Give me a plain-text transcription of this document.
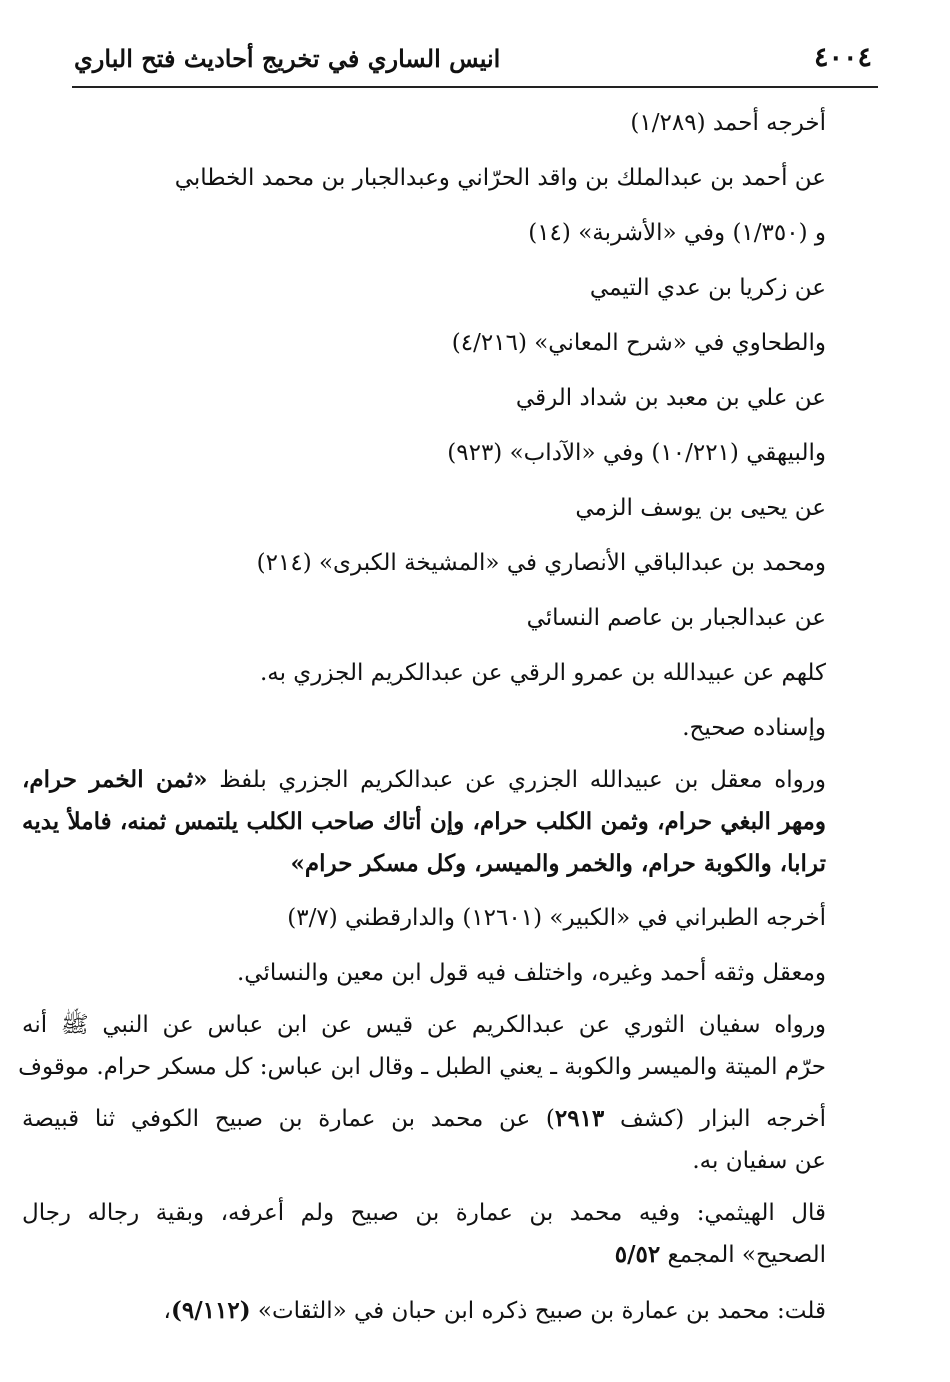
٤٠٠٤
انيس الساري في تخريج أحاديث فتح الباري
أخرجه أحمد (١/٢٨٩)
عن أحمد بن عبدالملك بن واقد الحرّاني وعبدالجبار بن محمد الخطابي
و (١/٣٥٠) وفي «الأشربة» (١٤)
عن زكريا بن عدي التيمي
والطحاوي في «شرح المعاني» (٤/٢١٦)
عن علي بن معبد بن شداد الرقي
والبيهقي (١٠/٢٢١) وفي «الآداب» (٩٢٣)
عن يحيى بن يوسف الزمي
ومحمد بن عبدالباقي الأنصاري في «المشيخة الكبرى» (٢١٤)
عن عبدالجبار بن عاصم النسائي
كلهم عن عبيدالله بن عمرو الرقي عن عبدالكريم الجزري به.
وإسناده صحيح.
ورواه معقل بن عبيدالله الجزري عن عبدالكريم الجزري بلفظ «ثمن الخمر حرام،
ومهر البغي حرام، وثمن الكلب حرام، وإن أتاك صاحب الكلب يلتمس ثمنه، فاملأ يديه
ترابا، والكوبة حرام، والخمر والميسر، وكل مسكر حرام»
أخرجه الطبراني في «الكبير» (١٢٦٠١) والدارقطني (٣/٧)
ومعقل وثقه أحمد وغيره، واختلف فيه قول ابن معين والنسائي.
ورواه سفيان الثوري عن عبدالكريم عن قيس عن ابن عباس عن النبي ﷺ أنه
حرّم الميتة والميسر والكوبة ـ يعني الطبل ـ وقال ابن عباس: كل مسكر حرام. موقوف
أخرجه البزار (كشف ٢٩١٣) عن محمد بن عمارة بن صبيح الكوفي ثنا قبيصة
عن سفيان به.
قال الهيثمي: وفيه محمد بن عمارة بن صبيح ولم أعرفه، وبقية رجاله رجال
الصحيح» المجمع ٥/٥٢
قلت: محمد بن عمارة بن صبيح ذكره ابن حبان في «الثقات» (٩/١١٢)،
